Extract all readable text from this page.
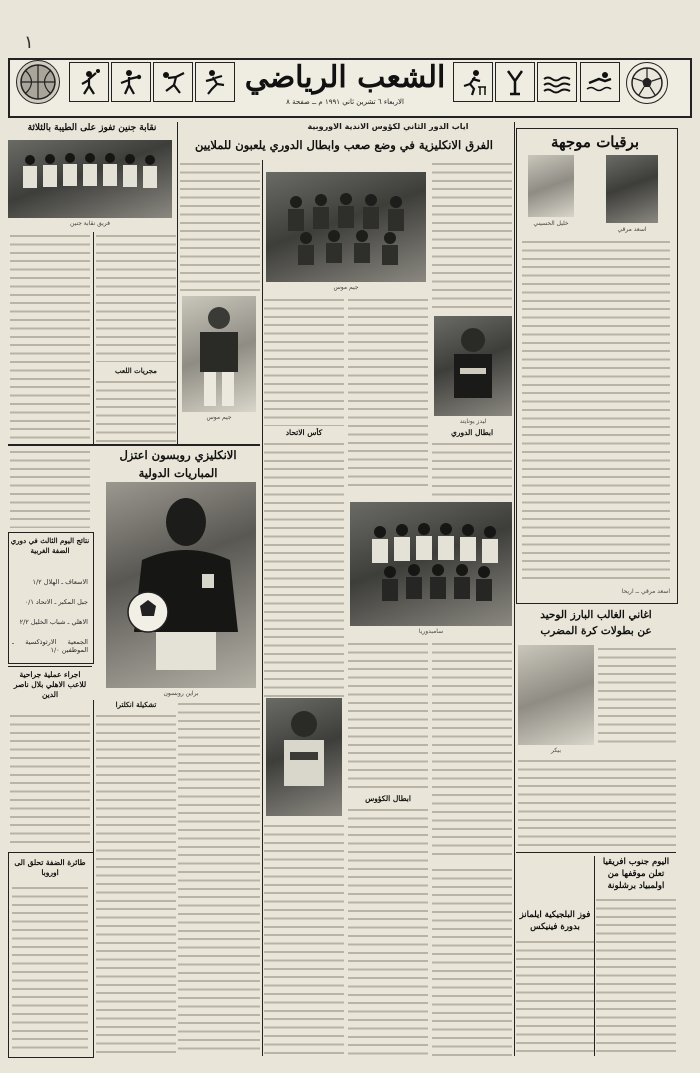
١
الشعب الرياضي
الاربعاء ٦ تشرين ثاني ١٩٩١ م ــ صفحة ٨
برقيات موجهة
اسعد مرقي
خليل الحسيني
اسعد مرقي ــ اريحا
اغاني الغالب البارز الوحيد
عن بطولات كرة المضرب
بيكر
اليوم جنوب افريقيا
تعلن موقفها من
اولمبياد برشلونة
فوز البلجيكية ايلمانز
بدورة فينيكس
اياب الدور الثاني لكؤوس الاندية الاوروبية
الفرق الانكليزية في وضع صعب وابطال الدوري يلعبون للملايين
جيم موس
ليدز يونايتد
ابطال الدوري
كأس الاتحاد
سامبدوريا
ابطال الكؤوس
جيم موس
نقابة جنين تفوز على الطيبة بالثلاثة
فريق نقابة جنين
مجريات اللعب
الانكليزي روبسون اعتزل
المباريات الدولية
براين روبسون
تشكيلة انكلترا
نتائج اليوم الثالث في دوري الضفة الغربية
الاسعاف ـ الهلال ١/٢
جبل المكبر ـ الاتحاد ٠/١
الاهلي ـ شباب الخليل ٢/٢
الجمعية الارثوذكسية ـ الموظفين ١/٠
اجراء عملية جراحية للاعب الاهلي بلال ناصر الدين
طائرة الضفة تحلق الى اوروبا
